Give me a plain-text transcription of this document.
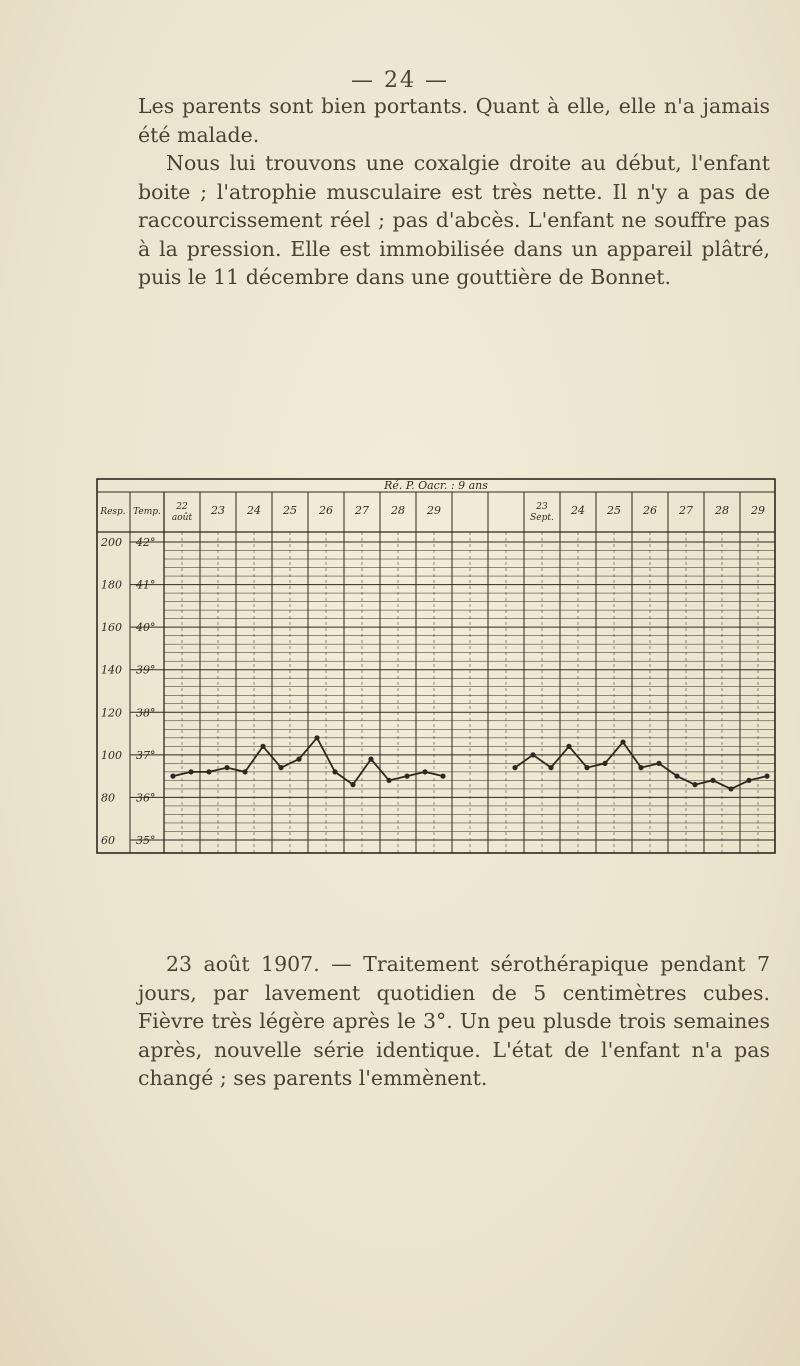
— 24 —

Les parents sont bien portants. Quant à elle, elle n'a jamais été malade.

Nous lui trouvons une coxalgie droite au début, l'enfant boite ; l'atrophie musculaire est très nette. Il n'y a pas de raccourcissement réel ; pas d'abcès. L'enfant ne souffre pas à la pression. Elle est immobilisée dans un appareil plâtré, puis le 11 décembre dans une gouttière de Bonnet.

Ré. P. Oacr. : 9 ans
Resp. Temp. 22
août
23 24 25 26 27 28 29	23
Sept.
24 25 26 27 28 29
42°
200
41°
180
40°
160
39°
140
38°
120
37°
100
36°
80
35°
60

23 août 1907. — Traitement sérothérapique pendant 7 jours, par lavement quotidien de 5 centimètres cubes. Fièvre très légère après le 3°. Un peu plusde trois semaines après, nouvelle série identique. L'état de l'enfant n'a pas changé ; ses parents l'emmènent.
